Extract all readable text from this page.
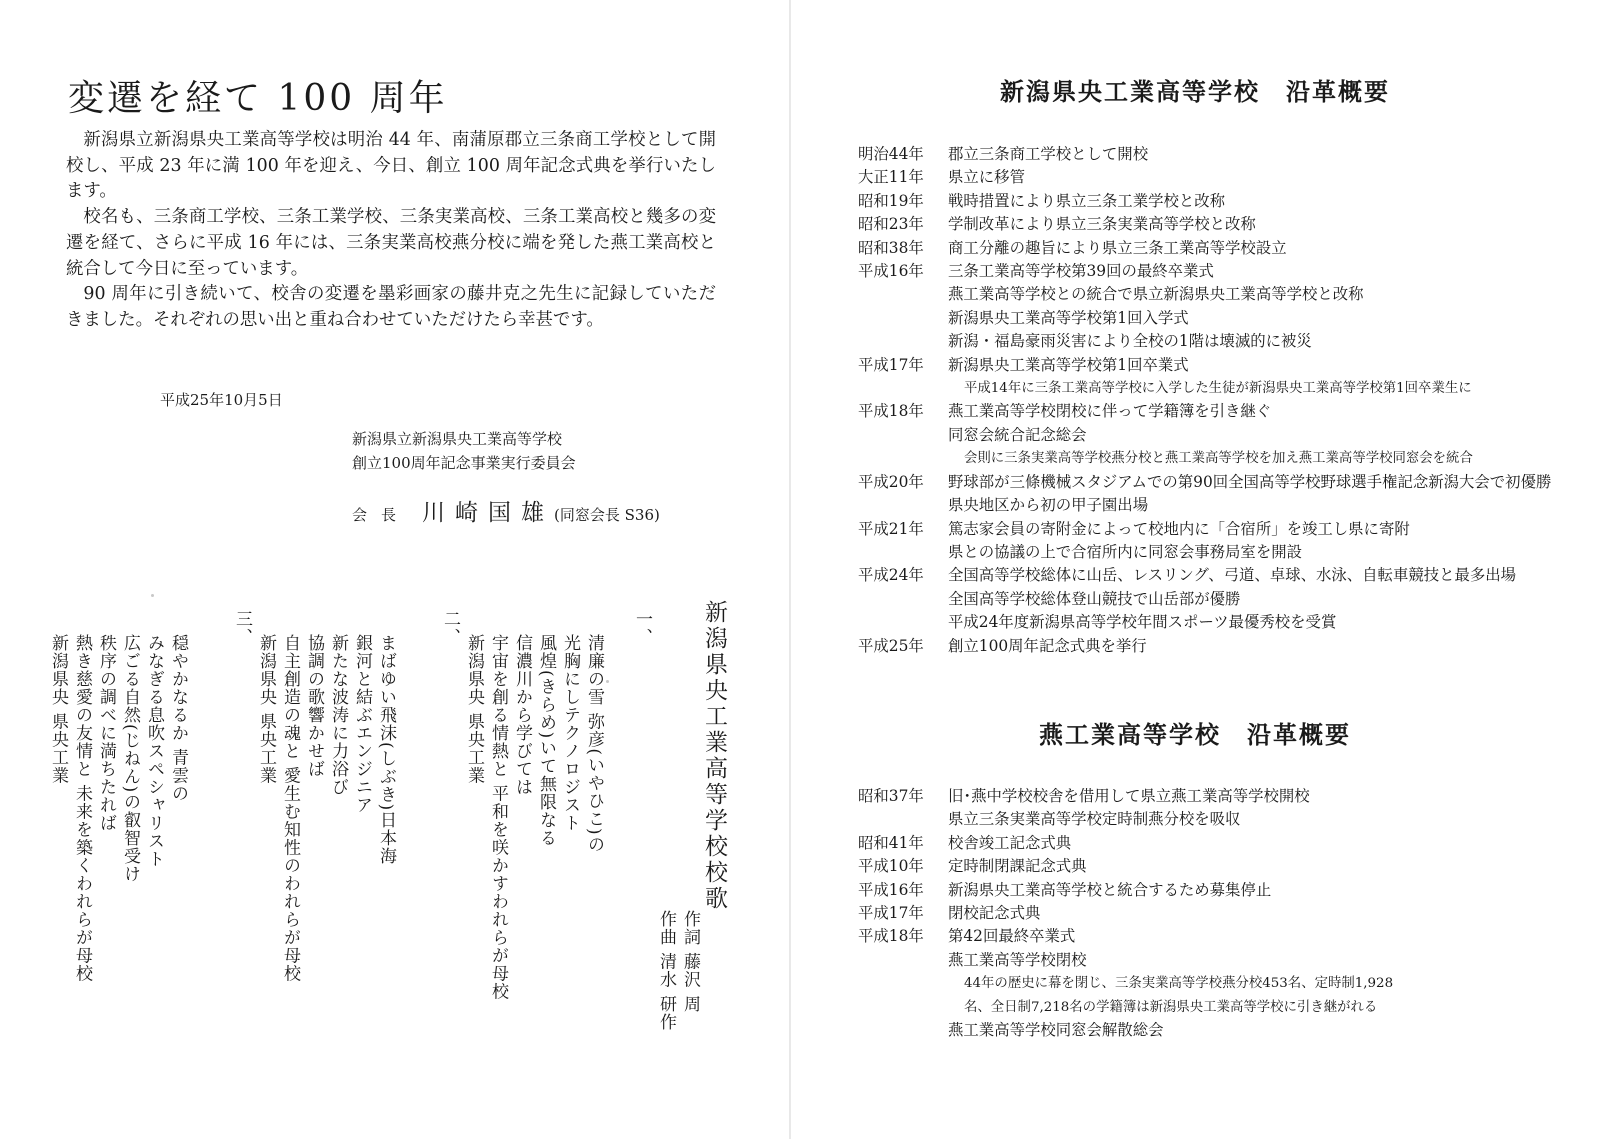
変遷を経て 100 周年

新潟県立新潟県央工業高等学校は明治 44 年、南蒲原郡立三条商工学校として開校し、平成 23 年に満 100 年を迎え、今日、創立 100 周年記念式典を挙行いたします。

校名も、三条商工学校、三条工業学校、三条実業高校、三条工業高校と幾多の変遷を経て、さらに平成 16 年には、三条実業高校燕分校に端を発した燕工業高校と統合して今日に至っています。

90 周年に引き続いて、校舎の変遷を墨彩画家の藤井克之先生に記録していただきました。それぞれの思い出と重ね合わせていただけたら幸甚です。

平成25年10月5日
新潟県立新潟県央工業高等学校
創立100周年記念事業実行委員会
会長 川崎国雄(同窓会長 S36)
新潟県央工業高等学校校歌
作詞 藤沢 周
作曲 清水 研作
一、
清廉の雪 弥彦(いやひこ)の
光胸にしテクノロジスト
風煌(きらめ)いて無限なる
信濃川から学びては
宇宙を創る情熱と 平和を咲かすわれらが母校
新潟県央 県央工業
二、
まばゆい飛沫(しぶき)日本海
銀河と結ぶエンジニア
新たな波涛に力浴び
協調の歌響かせば
自主創造の魂と 愛生む知性のわれらが母校
新潟県央 県央工業
三、
穏やかなるか 青雲の
みなぎる息吹スペシャリスト
広ごる自然(じねん)の叡智受け
秩序の調べに満ちたれば
熱き慈愛の友情と 未来を築くわれらが母校
新潟県央 県央工業
新潟県央工業高等学校　沿革概要
燕工業高等学校　沿革概要
明治44年 郡立三条商工学校として開校
大正11年 県立に移管
昭和19年 戦時措置により県立三条工業学校と改称
昭和23年 学制改革により県立三条実業高等学校と改称
昭和38年 商工分離の趣旨により県立三条工業高等学校設立
平成16年 三条工業高等学校第39回の最終卒業式
燕工業高等学校との統合で県立新潟県央工業高等学校と改称
新潟県央工業高等学校第1回入学式
新潟・福島豪雨災害により全校の1階は壊滅的に被災
平成17年 新潟県央工業高等学校第1回卒業式
平成14年に三条工業高等学校に入学した生徒が新潟県央工業高等学校第1回卒業生に
平成18年 燕工業高等学校閉校に伴って学籍簿を引き継ぐ
同窓会統合記念総会
会則に三条実業高等学校燕分校と燕工業高等学校を加え燕工業高等学校同窓会を統合
平成20年 野球部が三條機械スタジアムでの第90回全国高等学校野球選手権記念新潟大会で初優勝
県央地区から初の甲子園出場
平成21年 篤志家会員の寄附金によって校地内に「合宿所」を竣工し県に寄附
県との協議の上で合宿所内に同窓会事務局室を開設
平成24年 全国高等学校総体に山岳、レスリング、弓道、卓球、水泳、自転車競技と最多出場
全国高等学校総体登山競技で山岳部が優勝
平成24年度新潟県高等学校年間スポーツ最優秀校を受賞
平成25年 創立100周年記念式典を挙行
昭和37年 旧･燕中学校校舎を借用して県立燕工業高等学校開校
県立三条実業高等学校定時制燕分校を吸収
昭和41年 校舎竣工記念式典
平成10年 定時制閉課記念式典
平成16年 新潟県央工業高等学校と統合するため募集停止
平成17年 閉校記念式典
平成18年 第42回最終卒業式
燕工業高等学校閉校
44年の歴史に幕を閉じ、三条実業高等学校燕分校453名、定時制1,928
名、全日制7,218名の学籍簿は新潟県央工業高等学校に引き継がれる
燕工業高等学校同窓会解散総会
